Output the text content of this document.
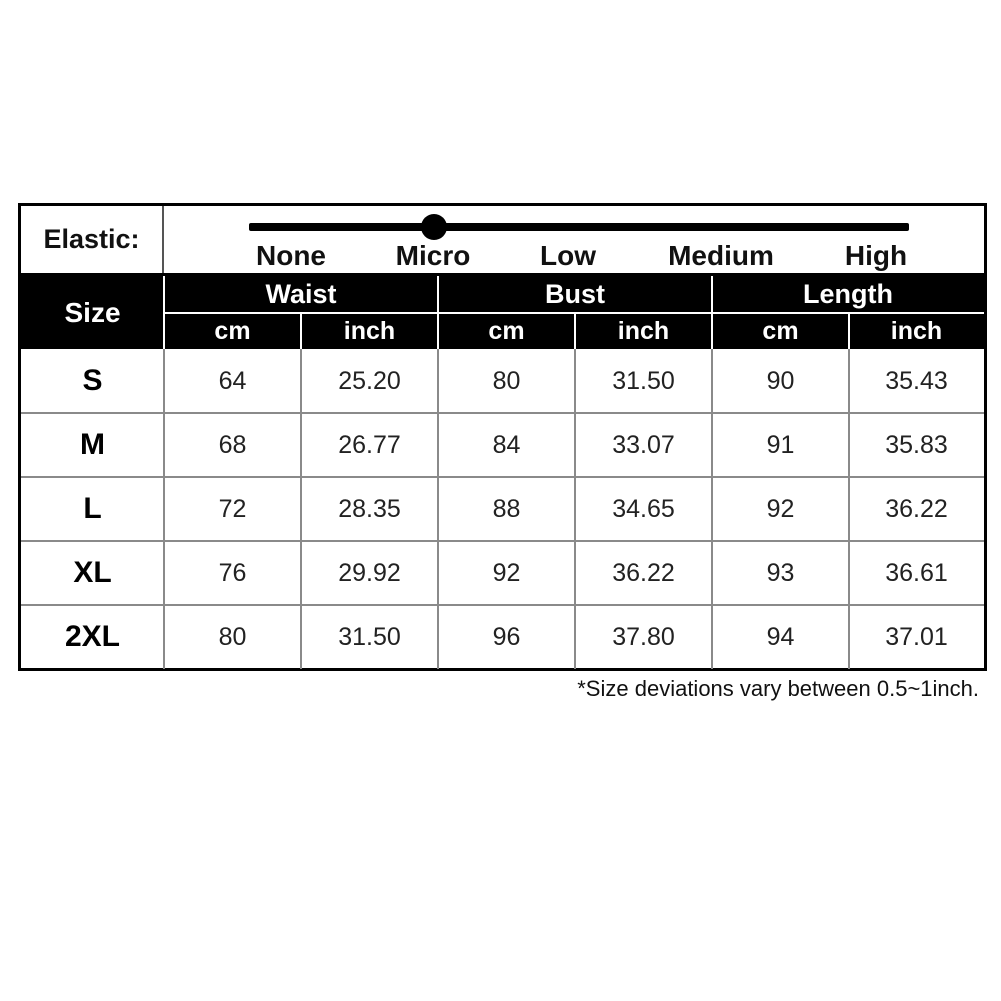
Elastic:
None Micro Low	Medium	High
Size
Waist	Bust	Length
cm	inch	cm	inch	cm	inch
S	64	25.20	80	31.50	90	35.43
M	68	26.77	84	33.07	91	35.83
L	72	28.35	88	34.65	92	36.22
XL	76	29.92	92	36.22	93	36.61
2XL	80	31.50	96	37.80	94	37.01
*Size deviations vary between 0.5~1inch.
